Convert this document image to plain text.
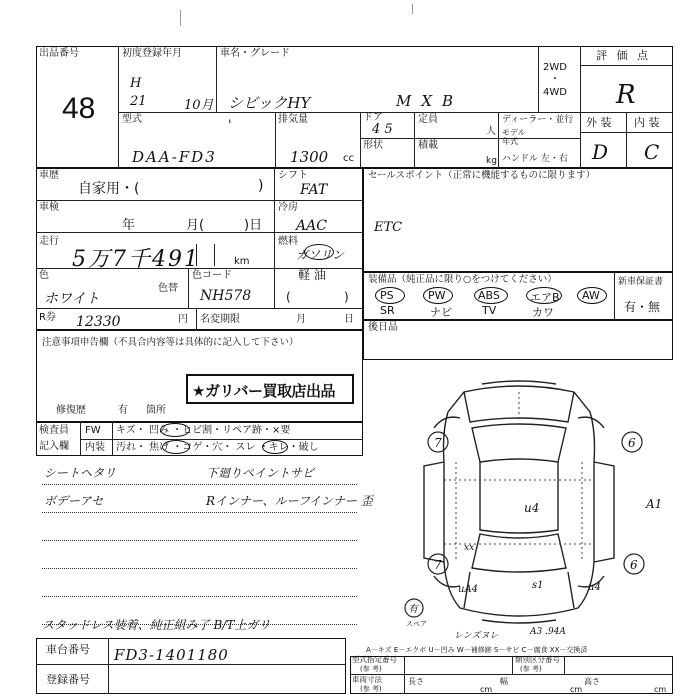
出品番号
48
初度登録年月
H
21	10月
車名・グレード
シビックHY	MXB
2WD
・
4WD
評 価 点
R
型式	'
DAA-FD3
排気量
1300 cc
ドア
4 5
定員
人
形状	積載
kg
ディーラー・並行
モデル年式
ハンドル 左・右
外 装 内 装
D C
車歴
自家用・(	)
シフト
FAT
車検
年	月(	)日
冷房
AAC
走行
5万7千491	km
燃料
ガソリン
軽 油
色
ホワイト
色替
色コード
NH578	(	)
R券 12330	円 名変期限	月	日
セールスポイント（正常に機能するものに限ります）
ETC
装備品（純正品に限り○をつけてください）	新車保証書
有・無
PS	PW	ABS	エアB AW
SR	ナビ	TV	カワ
後日品
注意事項申告欄（不具合内容等は具体的に記入して下さい）
★ガリバー買取店出品
修復歴	有 箇所
検査員
記入欄
FW キズ・ 凹み ・ヒビ割・リペア跡・×要
内装 汚れ・ 焦げ ・コゲ・穴・ スレ ・キレ・破し
シートヘタリ
ボデーアセ
下廻りペイントサビ
Rインナー、ルーフインナー 歪
スタッドレス装着、純正組み了 B/T上ガリ
7	6
u4	A1
xx
7	6
uA4	s1	u4
有
スペア
レンズヌレ	A3 .94A
A－キズ E－エクボ U－凹み W－補修跡 S－サビ C－腐食 XX－交換済
車台番号 FD3-1401180
登録番号
型式指定番号
(参 考)
類別区分番号
(参 考)
車両寸法
(参 考)
長さ
cm
幅
cm
高さ
cm
